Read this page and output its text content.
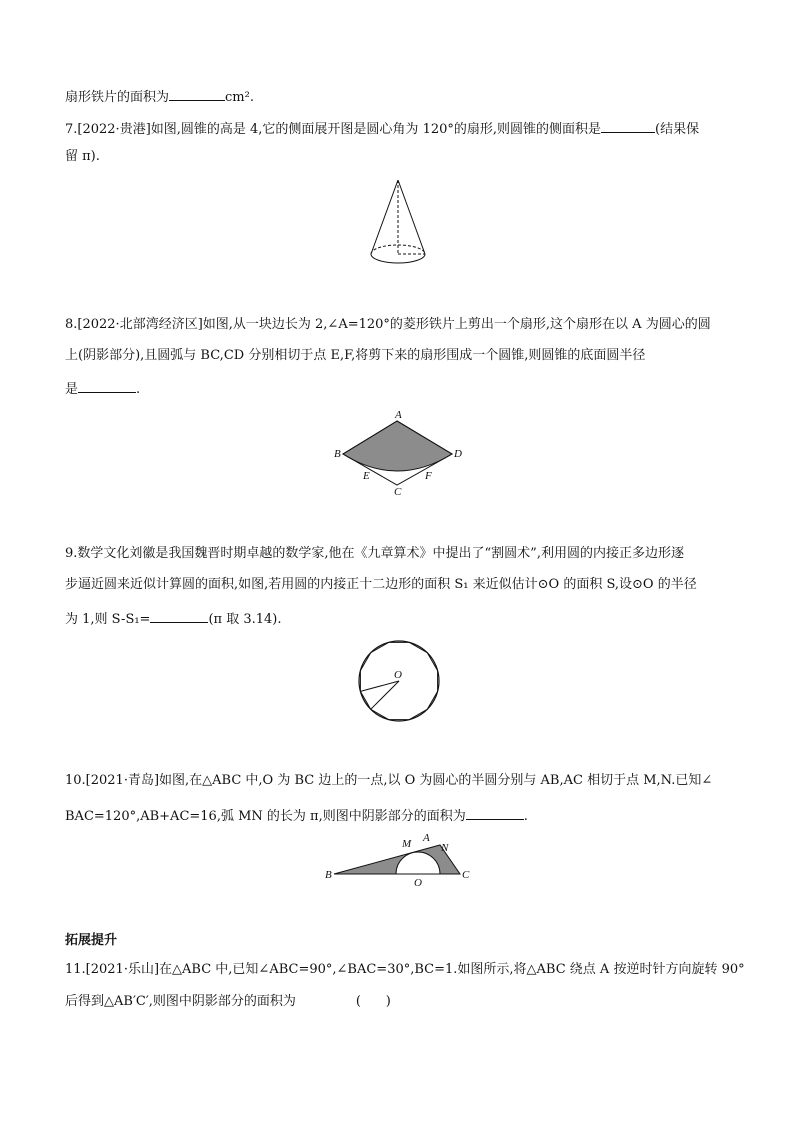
扇形铁片的面积为	cm².
7.[2022·贵港]如图,圆锥的高是 4,它的侧面展开图是圆心角为 120°的扇形,则圆锥的侧面积是	(结果保
留 π).
8.[2022·北部湾经济区]如图,从一块边长为 2,∠A=120°的菱形铁片上剪出一个扇形,这个扇形在以 A 为圆心的圆
上(阴影部分),且圆弧与 BC,CD 分别相切于点 E,F,将剪下来的扇形围成一个圆锥,则圆锥的底面圆半径
是	.
A
B
C
D
E	F
9.数学文化刘徽是我国魏晋时期卓越的数学家,他在《九章算术》中提出了“割圆术”,利用圆的内接正多边形逐
步逼近圆来近似计算圆的面积,如图,若用圆的内接正十二边形的面积 S₁ 来近似估计⊙O 的面积 S,设⊙O 的半径
为 1,则 S-S₁=	(π 取 3.14).
O
10.[2021·青岛]如图,在△ABC 中,O 为 BC 边上的一点,以 O 为圆心的半圆分别与 AB,AC 相切于点 M,N.已知∠
BAC=120°,AB+AC=16,弧 MN 的长为 π,则图中阴影部分的面积为	.
A
B	C
M	N
O
拓展提升
11.[2021·乐山]在△ABC 中,已知∠ABC=90°,∠BAC=30°,BC=1.如图所示,将△ABC 绕点 A 按逆时针方向旋转 90°
后得到△AB′C′,则图中阴影部分的面积为	(      )
